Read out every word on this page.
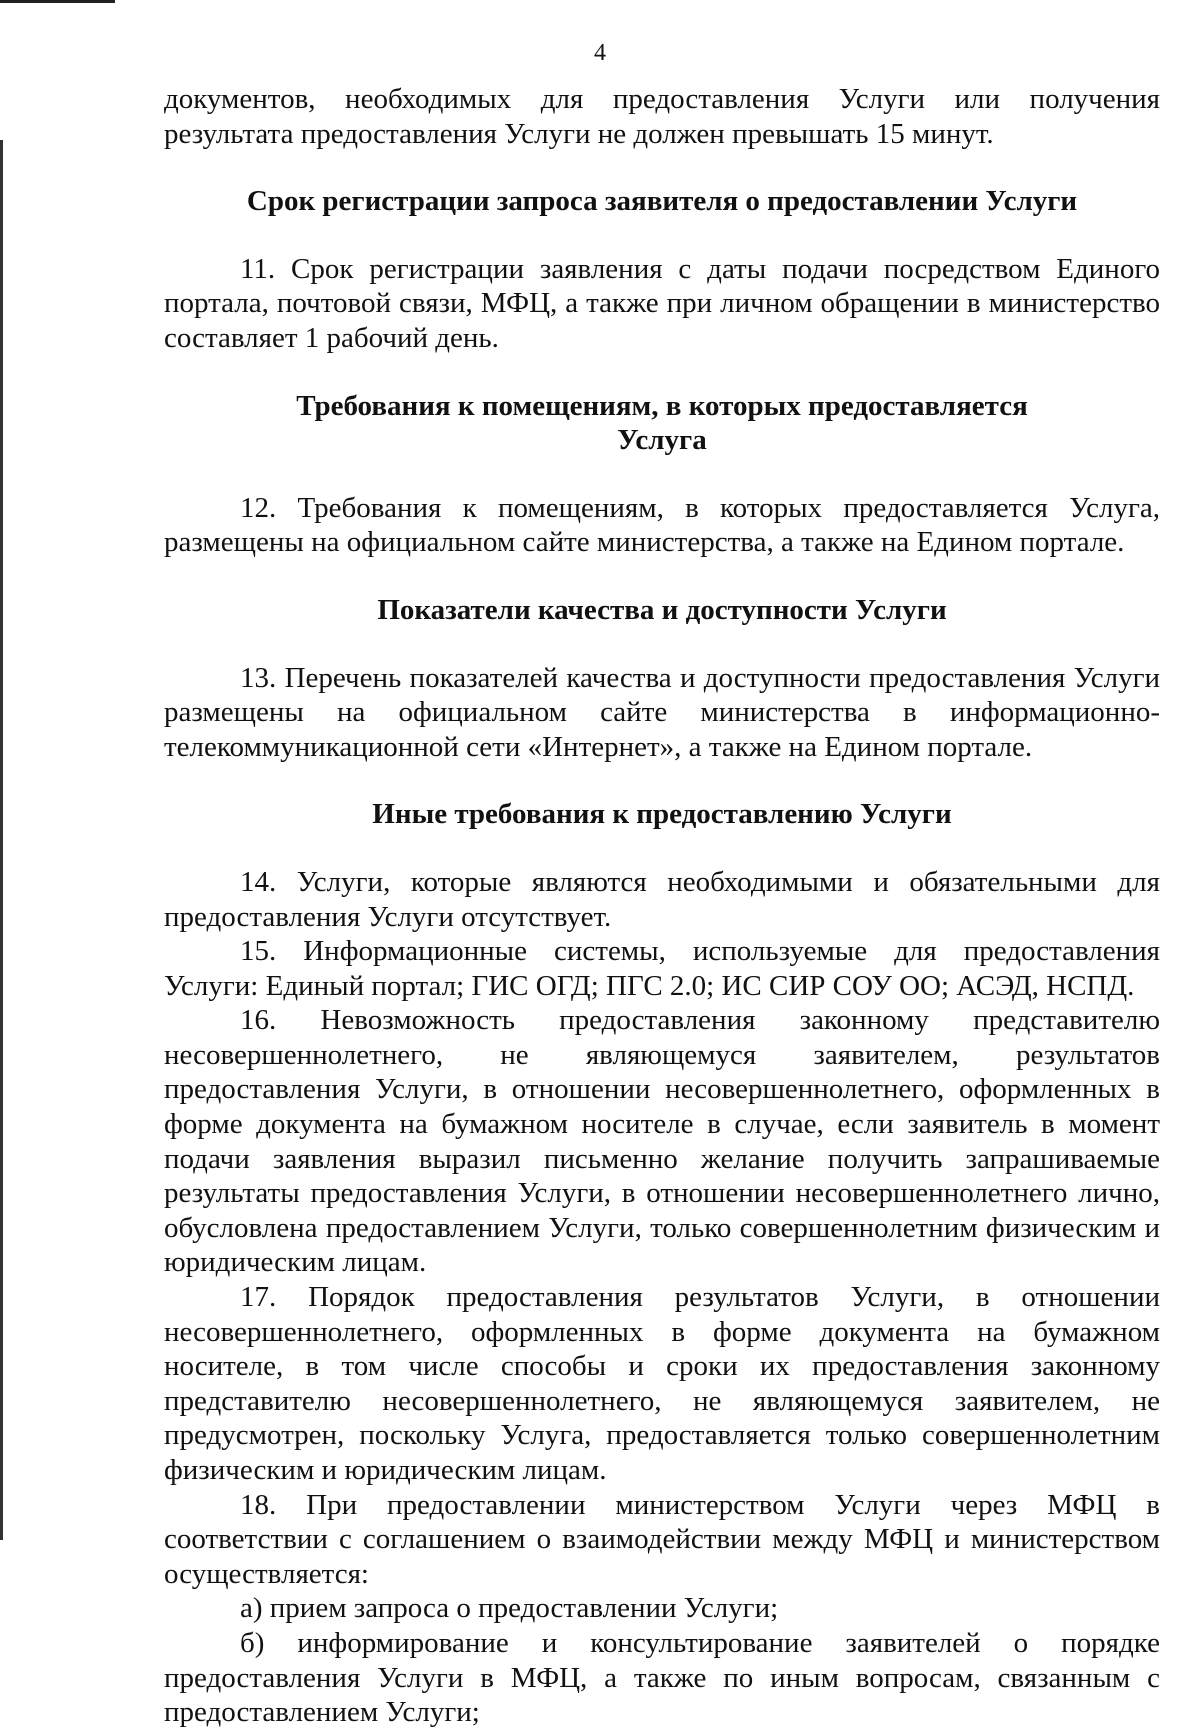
4

документов, необходимых для предоставления Услуги или получения результата предоставления Услуги не должен превышать 15 минут.

Срок регистрации запроса заявителя о предоставлении Услуги

11. Срок регистрации заявления с даты подачи посредством Единого портала, почтовой связи, МФЦ, а также при личном обращении в министерство составляет 1 рабочий день.

Требования к помещениям, в которых предоставляется Услуга

12. Требования к помещениям, в которых предоставляется Услуга, размещены на официальном сайте министерства, а также на Едином портале.

Показатели качества и доступности Услуги

13. Перечень показателей качества и доступности предоставления Услуги размещены на официальном сайте министерства в информационно-телекоммуникационной сети «Интернет», а также на Едином портале.

Иные требования к предоставлению Услуги

14. Услуги, которые являются необходимыми и обязательными для предоставления Услуги отсутствует.

15. Информационные системы, используемые для предоставления Услуги: Единый портал; ГИС ОГД; ПГС 2.0; ИС СИР СОУ ОО; АСЭД, НСПД.

16. Невозможность предоставления законному представителю несовершеннолетнего, не являющемуся заявителем, результатов предоставления Услуги, в отношении несовершеннолетнего, оформленных в форме документа на бумажном носителе в случае, если заявитель в момент подачи заявления выразил письменно желание получить запрашиваемые результаты предоставления Услуги, в отношении несовершеннолетнего лично, обусловлена предоставлением Услуги, только совершеннолетним физическим и юридическим лицам.

17. Порядок предоставления результатов Услуги, в отношении несовершеннолетнего, оформленных в форме документа на бумажном носителе, в том числе способы и сроки их предоставления законному представителю несовершеннолетнего, не являющемуся заявителем, не предусмотрен, поскольку Услуга, предоставляется только совершеннолетним физическим и юридическим лицам.

18. При предоставлении министерством Услуги через МФЦ в соответствии с соглашением о взаимодействии между МФЦ и министерством осуществляется:

а) прием запроса о предоставлении Услуги;

б) информирование и консультирование заявителей о порядке предоставления Услуги в МФЦ, а также по иным вопросам, связанным с предоставлением Услуги;
